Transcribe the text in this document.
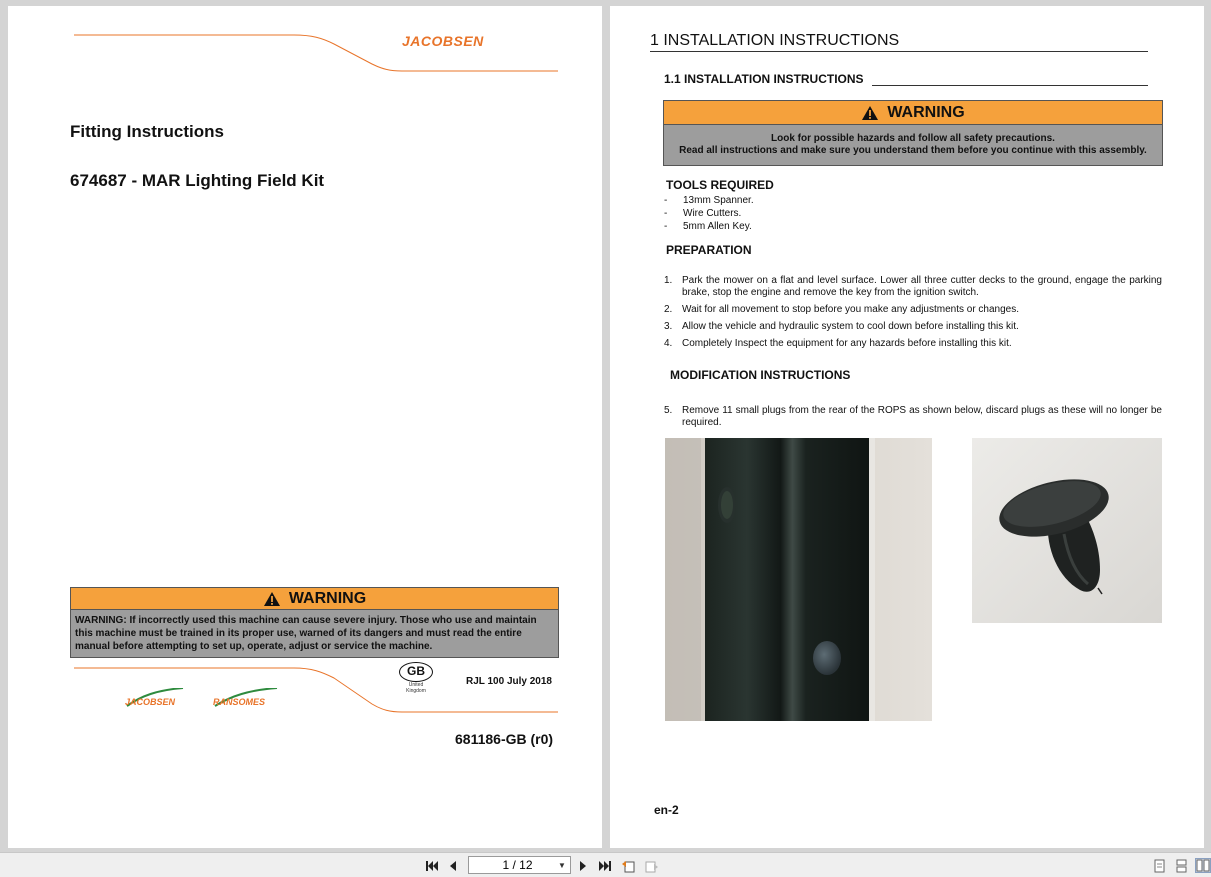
JACOBSEN
Fitting Instructions
674687 - MAR Lighting Field Kit
WARNING
WARNING: If incorrectly used this machine can cause severe injury. Those who use and maintain this machine must be trained in its proper use, warned of its dangers and must read the entire manual before attempting to set up, operate, adjust or service the machine.
JACOBSEN	RANSOMES
GB
United
Kingdom
RJL 100 July 2018
681186-GB (r0)
1 INSTALLATION INSTRUCTIONS
1.1 INSTALLATION INSTRUCTIONS
WARNING
Look for possible hazards and follow all safety precautions.
Read all instructions and make sure you understand them before you continue with this assembly.
TOOLS REQUIRED
-	13mm Spanner.
-	Wire Cutters.
-	5mm Allen Key.
PREPARATION
1. Park the mower on a flat and level surface. Lower all three cutter decks to the ground, engage the parking brake, stop the engine and remove the key from the ignition switch.
2. Wait for all movement to stop before you make any adjustments or changes.
3. Allow the vehicle and hydraulic system to cool down before installing this kit.
4. Completely Inspect the equipment for any hazards before installing this kit.
MODIFICATION INSTRUCTIONS
5. Remove 11 small plugs from the rear of the ROPS as shown below, discard plugs as these will no longer be required.
en-2
1 / 12	▼
